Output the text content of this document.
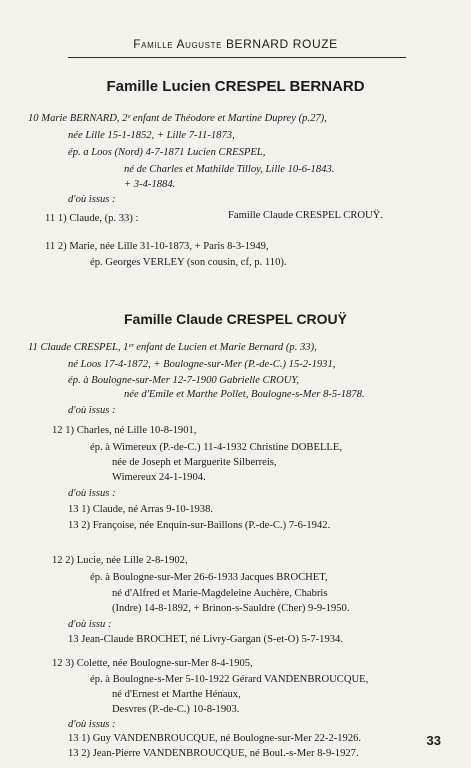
Famille Auguste BERNARD ROUZE
Famille Lucien CRESPEL BERNARD
10 Marie BERNARD, 2ᵉ enfant de Théodore et Martine Duprey (p.27),
née Lille 15-1-1852, + Lille 7-11-1873,
ép. ɑ Loos (Nord) 4-7-1871 Lucien CRESPEL,
né de Charles et Mathilde Tilloy, Lille 10-6-1843.
+ 3-4-1884.
d'où issus :
11 1) Claude, (p. 33) :	Famille Claude CRESPEL CROUŸ.
11 2) Marie, née Lille 31-10-1873, + Paris 8-3-1949,
ép. Georges VERLEY (son cousin, cf, p. 110).
Famille Claude CRESPEL CROUŸ
11 Claude CRESPEL, 1ᵉʳ enfant de Lucien et Marie Bernard (p. 33),
né Loos 17-4-1872, + Boulogne-sur-Mer (P.-de-C.) 15-2-1931,
ép. à Boulogne-sur-Mer 12-7-1900 Gabrielle CROUY,
née d'Emile et Marthe Pollet, Boulogne-s-Mer 8-5-1878.
d'où issus :
12 1) Charles, né Lille 10-8-1901,
ép. à Wimereux (P.-de-C.) 11-4-1932 Christine DOBELLE,
née de Joseph et Marguerite Silberreis,
Wimereux 24-1-1904.
d'où issus :
13 1) Claude, né Arras 9-10-1938.
13 2) Françoise, née Enquin-sur-Baillons (P.-de-C.) 7-6-1942.
12 2) Lucie, née Lille 2-8-1902,
ép. à Boulogne-sur-Mer 26-6-1933 Jacques BROCHET,
né d'Alfred et Marie-Magdeleine Auchère, Chabris
(Indre) 14-8-1892, + Brinon-s-Sauldre (Cher) 9-9-1950.
d'où issu :
13 Jean-Claude BROCHET, né Livry-Gargan (S-et-O) 5-7-1934.
12 3) Colette, née Boulogne-sur-Mer 8-4-1905,
ép. à Boulogne-s-Mer 5-10-1922 Gérard VANDENBROUCQUE,
né d'Ernest et Marthe Hénaux,
Desvres (P.-de-C.) 10-8-1903.
d'où issus :
13 1) Guy VANDENBROUCQUE, né Boulogne-sur-Mer 22-2-1926.
13 2) Jean-Pierre VANDENBROUCQUE, né Boul.-s-Mer 8-9-1927.
33
